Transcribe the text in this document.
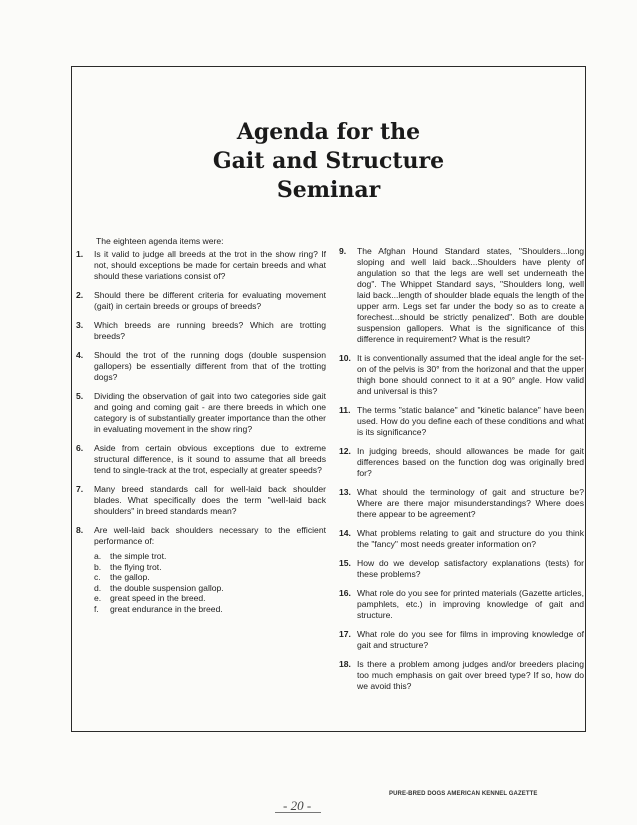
Agenda for the
Gait and Structure
Seminar
The eighteen agenda items were:
1.	Is it valid to judge all breeds at the trot in the show ring? If not, should exceptions be made for certain breeds and what should these variations consist of?
2.	Should there be different criteria for evaluating movement (gait) in certain breeds or groups of breeds?
3.	Which breeds are running breeds? Which are trotting breeds?
4.	Should the trot of the running dogs (double suspension gallopers) be essentially different from that of the trotting dogs?
5.	Dividing the observation of gait into two categories side gait and going and coming gait - are there breeds in which one category is of substantially greater importance than the other in evaluating movement in the show ring?
6.	Aside from certain obvious exceptions due to extreme structural difference, is it sound to assume that all breeds tend to single-track at the trot, especially at greater speeds?
7.	Many breed standards call for well-laid back shoulder blades. What specifically does the term "well-laid back shoulders" in breed standards mean?
8.	Are well-laid back shoulders necessary to the efficient performance of:
a. the simple trot.
b. the flying trot.
c. the gallop.
d. the double suspension gallop.
e. great speed in the breed.
f. great endurance in the breed.
9.	The Afghan Hound Standard states, "Shoulders...long sloping and well laid back...Shoulders have plenty of angulation so that the legs are well set underneath the dog". The Whippet Standard says, "Shoulders long, well laid back...length of shoulder blade equals the length of the upper arm. Legs set far under the body so as to create a forechest...should be strictly penalized". Both are double suspension gallopers. What is the significance of this difference in requirement? What is the result?
10. It is conventionally assumed that the ideal angle for the set-on of the pelvis is 30° from the horizonal and that the upper thigh bone should connect to it at a 90° angle. How valid and universal is this?
11. The terms "static balance" and "kinetic balance" have been used. How do you define each of these conditions and what is its significance?
12. In judging breeds, should allowances be made for gait differences based on the function dog was originally bred for?
13. What should the terminology of gait and structure be? Where are there major misunderstandings? Where does there appear to be agreement?
14. What problems relating to gait and structure do you think the "fancy" most needs greater information on?
15. How do we develop satisfactory explanations (tests) for these problems?
16. What role do you see for printed materials (Gazette articles, pamphlets, etc.) in improving knowledge of gait and structure.
17. What role do you see for films in improving knowledge of gait and structure?
18. Is there a problem among judges and/or breeders placing too much emphasis on gait over breed type? If so, how do we avoid this?
- 20 -
PURE-BRED DOGS AMERICAN KENNEL GAZETTE
